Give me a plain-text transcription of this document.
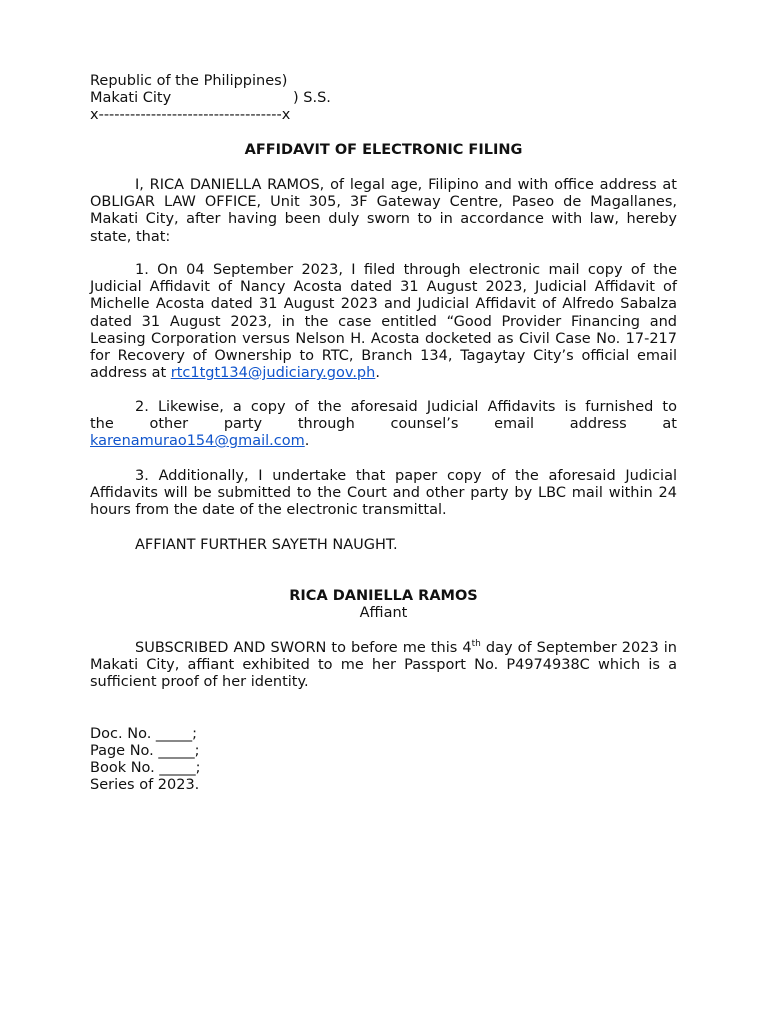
Republic of the Philippines)
Makati City	) S.S.
x-----------------------------------x
AFFIDAVIT OF ELECTRONIC FILING
I, RICA DANIELLA RAMOS, of legal age, Filipino and with office address at OBLIGAR LAW OFFICE, Unit 305, 3F Gateway Centre, Paseo de Magallanes, Makati City, after having been duly sworn to in accordance with law, hereby state, that:
1. On 04 September 2023, I filed through electronic mail copy of the Judicial Affidavit of Nancy Acosta dated 31 August 2023, Judicial Affidavit of Michelle Acosta dated 31 August 2023 and Judicial Affidavit of Alfredo Sabalza dated 31 August 2023, in the case entitled “Good Provider Financing and Leasing Corporation versus Nelson H. Acosta docketed as Civil Case No. 17-217 for Recovery of Ownership to RTC, Branch 134, Tagaytay City’s official email address at rtc1tgt134@judiciary.gov.ph.
2. Likewise, a copy of the aforesaid Judicial Affidavits is furnished to
the other party through counsel’s email address at
karenamurao154@gmail.com.
3. Additionally, I undertake that paper copy of the aforesaid Judicial Affidavits will be submitted to the Court and other party by LBC mail within 24 hours from the date of the electronic transmittal.
AFFIANT FURTHER SAYETH NAUGHT.
RICA DANIELLA RAMOS
Affiant
SUBSCRIBED AND SWORN to before me this 4th day of September 2023 in Makati City, affiant exhibited to me her Passport No. P4974938C which is a sufficient proof of her identity.
Doc. No. _____;
Page No. _____;
Book No. _____;
Series of 2023.
